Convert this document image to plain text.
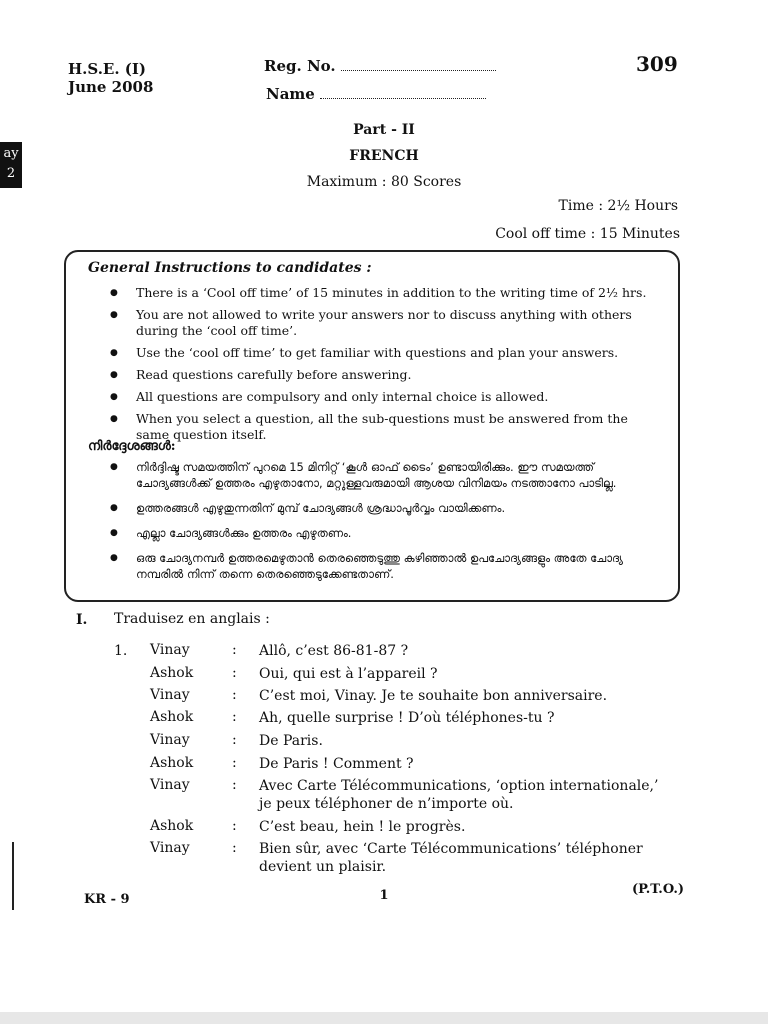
ay
2
H.S.E. (I)
June 2008
Reg. No.
Name
309
Part - II
FRENCH
Maximum : 80 Scores
Time : 2½ Hours
Cool off time : 15 Minutes
General Instructions to candidates :
● There is a ‘Cool off time’ of 15 minutes in addition to the writing time of 2½ hrs.
● You are not allowed to write your answers nor to discuss anything with others during the ‘cool off time’.
● Use the ‘cool off time’ to get familiar with questions and plan your answers.
● Read questions carefully before answering.
● All questions are compulsory and only internal choice is allowed.
● When you select a question, all the sub-questions must be answered from the same question itself.
നിർദ്ദേശങ്ങൾ:
● നിർദ്ദിഷ്ട സമയത്തിന് പുറമെ 15 മിനിറ്റ് ‘കൂൾ ഓഫ് ടൈം’ ഉണ്ടായിരിക്കും. ഈ സമയത്ത് ചോദ്യങ്ങൾക്ക് ഉത്തരം എഴുതാനോ, മറ്റുള്ളവരുമായി ആശയ വിനിമയം നടത്താനോ പാടില്ല.
● ഉത്തരങ്ങൾ എഴുതുന്നതിന് മുമ്പ് ചോദ്യങ്ങൾ ശ്രദ്ധാപൂർവ്വം വായിക്കണം.
● എല്ലാ ചോദ്യങ്ങൾക്കും ഉത്തരം എഴുതണം.
● ഒരു ചോദ്യനമ്പർ ഉത്തരമെഴുതാൻ തെരഞ്ഞെടുത്തു കഴിഞ്ഞാൽ ഉപചോദ്യങ്ങളും അതേ ചോദ്യ നമ്പരിൽ നിന്ന് തന്നെ തെരഞ്ഞെടുക്കേണ്ടതാണ്.
I. Traduisez en anglais :
1. Vinay	: Allô, c’est 86-81-87 ?
Ashok	: Oui, qui est à l’appareil ?
Vinay	: C’est moi, Vinay. Je te souhaite bon anniversaire.
Ashok	: Ah, quelle surprise ! D’où téléphones-tu ?
Vinay	: De Paris.
Ashok	: De Paris ! Comment ?
Vinay	: Avec Carte Télécommunications, ‘option internationale,’ je peux téléphoner de n’importe où.
Ashok	: C’est beau, hein ! le progrès.
Vinay	: Bien sûr, avec ‘Carte Télécommunications’ téléphoner devient un plaisir.
KR - 9	1	(P.T.O.)
